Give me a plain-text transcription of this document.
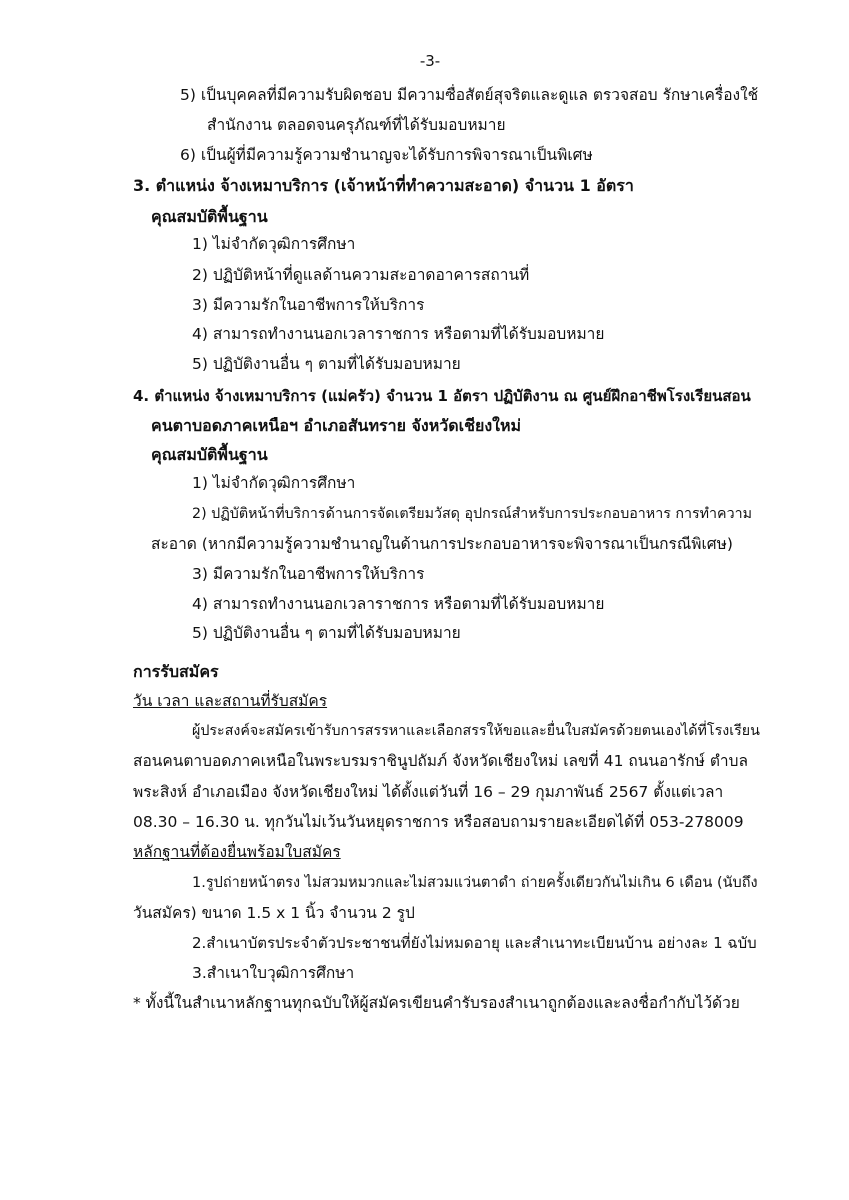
-3-
5) เป็นบุคคลที่มีความรับผิดชอบ มีความซื่อสัตย์สุจริตและดูแล ตรวจสอบ รักษาเครื่องใช้
สำนักงาน ตลอดจนครุภัณฑ์ที่ได้รับมอบหมาย
6) เป็นผู้ที่มีความรู้ความชำนาญจะได้รับการพิจารณาเป็นพิเศษ
3. ตำแหน่ง จ้างเหมาบริการ (เจ้าหน้าที่ทำความสะอาด) จำนวน 1 อัตรา
คุณสมบัติพื้นฐาน
1) ไม่จำกัดวุฒิการศึกษา
2) ปฏิบัติหน้าที่ดูแลด้านความสะอาดอาคารสถานที่
3) มีความรักในอาชีพการให้บริการ
4) สามารถทำงานนอกเวลาราชการ หรือตามที่ได้รับมอบหมาย
5) ปฏิบัติงานอื่น ๆ ตามที่ได้รับมอบหมาย
4. ตำแหน่ง จ้างเหมาบริการ (แม่ครัว) จำนวน 1 อัตรา ปฏิบัติงาน ณ ศูนย์ฝึกอาชีพโรงเรียนสอน
คนตาบอดภาคเหนือฯ อำเภอสันทราย จังหวัดเชียงใหม่
คุณสมบัติพื้นฐาน
1) ไม่จำกัดวุฒิการศึกษา
2) ปฏิบัติหน้าที่บริการด้านการจัดเตรียมวัสดุ อุปกรณ์สำหรับการประกอบอาหาร การทำความ
สะอาด (หากมีความรู้ความชำนาญในด้านการประกอบอาหารจะพิจารณาเป็นกรณีพิเศษ)
3) มีความรักในอาชีพการให้บริการ
4) สามารถทำงานนอกเวลาราชการ หรือตามที่ได้รับมอบหมาย
5) ปฏิบัติงานอื่น ๆ ตามที่ได้รับมอบหมาย
การรับสมัคร
วัน เวลา และสถานที่รับสมัคร
ผู้ประสงค์จะสมัครเข้ารับการสรรหาและเลือกสรรให้ขอและยื่นใบสมัครด้วยตนเองได้ที่โรงเรียน
สอนคนตาบอดภาคเหนือในพระบรมราชินูปถัมภ์ จังหวัดเชียงใหม่ เลขที่ 41 ถนนอารักษ์ ตำบล
พระสิงห์ อำเภอเมือง จังหวัดเชียงใหม่ ได้ตั้งแต่วันที่ 16 – 29 กุมภาพันธ์ 2567 ตั้งแต่เวลา
08.30 – 16.30 น. ทุกวันไม่เว้นวันหยุดราชการ หรือสอบถามรายละเอียดได้ที่ 053-278009
หลักฐานที่ต้องยื่นพร้อมใบสมัคร
1.รูปถ่ายหน้าตรง ไม่สวมหมวกและไม่สวมแว่นตาดำ ถ่ายครั้งเดียวกันไม่เกิน 6 เดือน (นับถึง
วันสมัคร) ขนาด 1.5 x 1 นิ้ว จำนวน 2 รูป
2.สำเนาบัตรประจำตัวประชาชนที่ยังไม่หมดอายุ และสำเนาทะเบียนบ้าน อย่างละ 1 ฉบับ
3.สำเนาใบวุฒิการศึกษา
* ทั้งนี้ในสำเนาหลักฐานทุกฉบับให้ผู้สมัครเขียนคำรับรองสำเนาถูกต้องและลงชื่อกำกับไว้ด้วย
